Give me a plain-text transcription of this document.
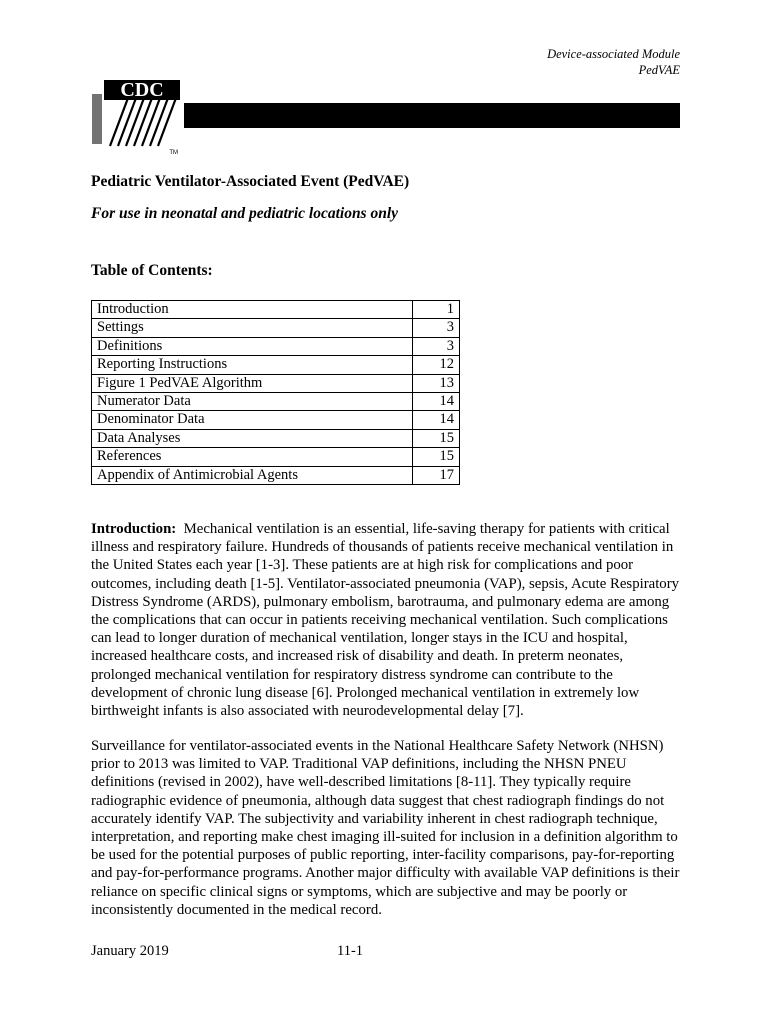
Device-associated Module
PedVAE
CDC
TM
Pediatric Ventilator-Associated Event (PedVAE)
For use in neonatal and pediatric locations only
Table of Contents:
Introduction	1
Settings	3
Definitions	3
Reporting Instructions	12
Figure 1 PedVAE Algorithm	13
Numerator Data	14
Denominator Data	14
Data Analyses	15
References	15
Appendix of Antimicrobial Agents	17

Introduction: Mechanical ventilation is an essential, life-saving therapy for patients with critical illness and respiratory failure. Hundreds of thousands of patients receive mechanical ventilation in the United States each year [1-3]. These patients are at high risk for complications and poor outcomes, including death [1-5]. Ventilator-associated pneumonia (VAP), sepsis, Acute Respiratory Distress Syndrome (ARDS), pulmonary embolism, barotrauma, and pulmonary edema are among the complications that can occur in patients receiving mechanical ventilation. Such complications can lead to longer duration of mechanical ventilation, longer stays in the ICU and hospital, increased healthcare costs, and increased risk of disability and death. In preterm neonates, prolonged mechanical ventilation for respiratory distress syndrome can contribute to the development of chronic lung disease [6]. Prolonged mechanical ventilation in extremely low birthweight infants is also associated with neurodevelopmental delay [7].

Surveillance for ventilator-associated events in the National Healthcare Safety Network (NHSN) prior to 2013 was limited to VAP. Traditional VAP definitions, including the NHSN PNEU definitions (revised in 2002), have well-described limitations [8-11]. They typically require radiographic evidence of pneumonia, although data suggest that chest radiograph findings do not accurately identify VAP. The subjectivity and variability inherent in chest radiograph technique, interpretation, and reporting make chest imaging ill-suited for inclusion in a definition algorithm to be used for the potential purposes of public reporting, inter-facility comparisons, pay-for-reporting and pay-for-performance programs. Another major difficulty with available VAP definitions is their reliance on specific clinical signs or symptoms, which are subjective and may be poorly or inconsistently documented in the medical record.

January 2019	11-1
